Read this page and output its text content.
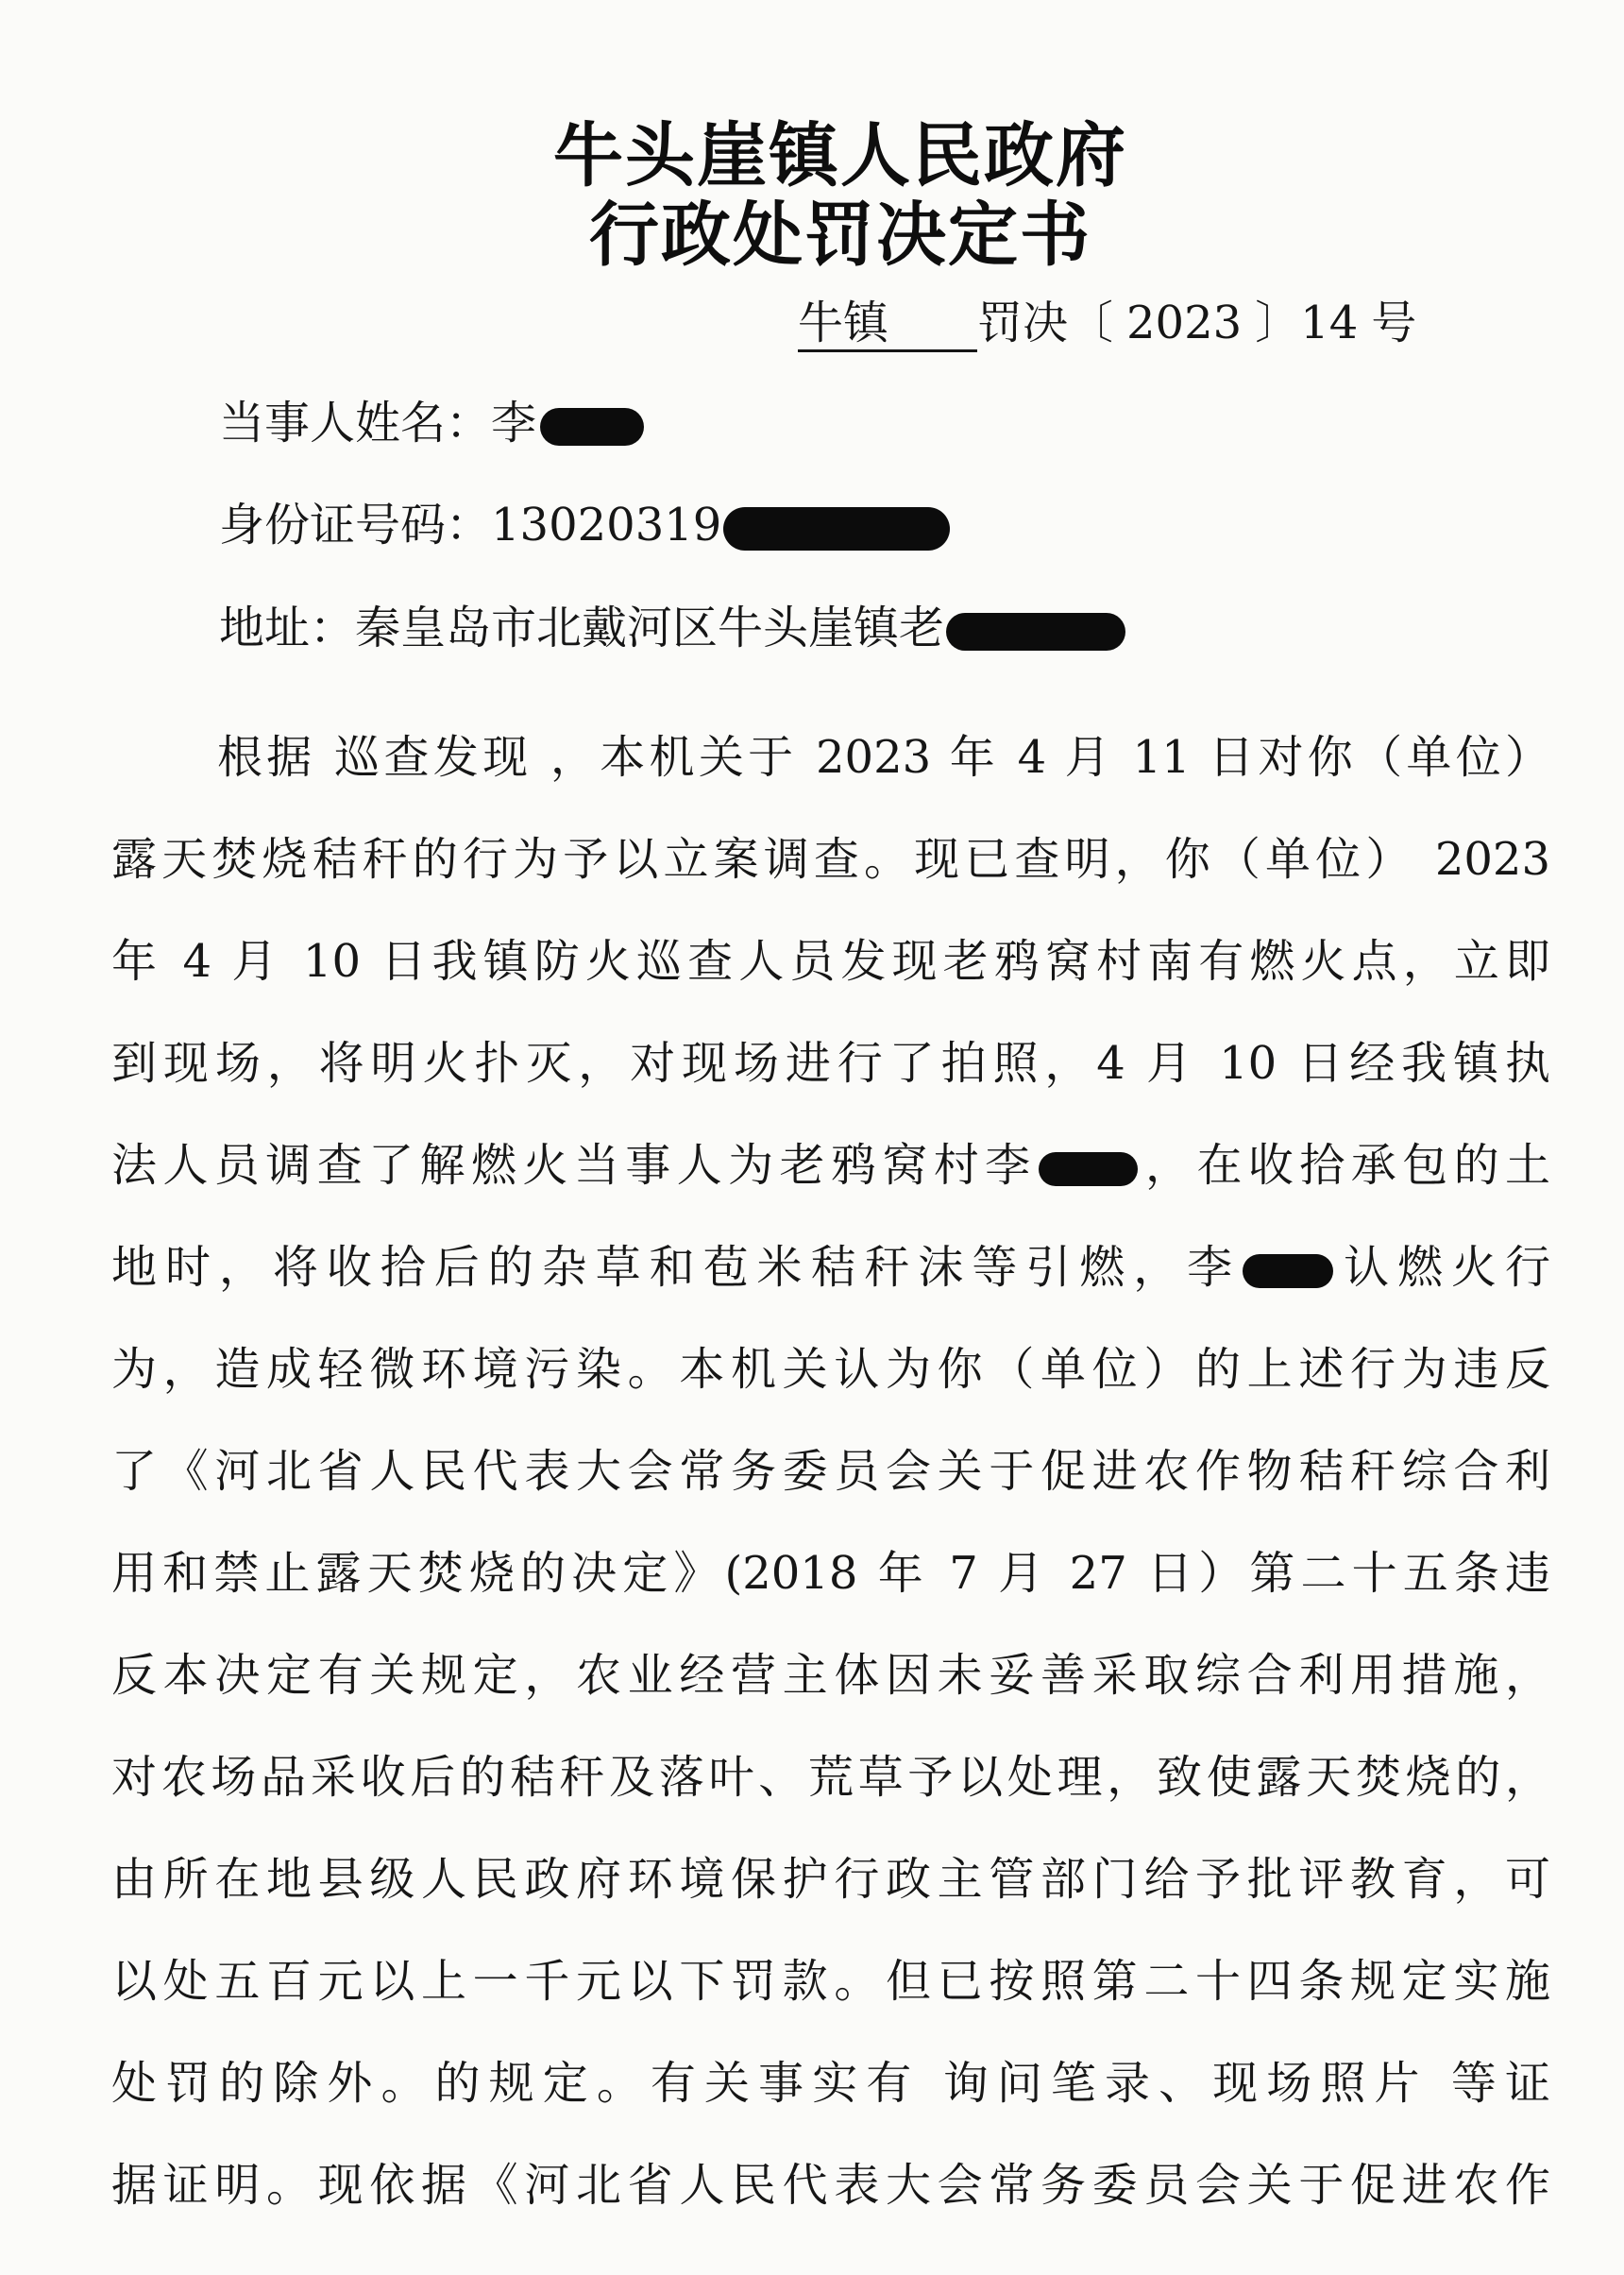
牛头崖镇人民政府
行政处罚决定书
牛镇 罚决〔 2023 〕14 号
当事人姓名：李
身份证号码：13020319
地址：秦皇岛市北戴河区牛头崖镇老
根据 巡查发现 ，本机关于 2023 年 4 月 11 日对你（单位）
露天焚烧秸秆的行为予以立案调查。现已查明，你（单位） 2023
年 4 月 10 日我镇防火巡查人员发现老鸦窝村南有燃火点，立即
到现场，将明火扑灭，对现场进行了拍照，4 月 10 日经我镇执
法人员调查了解燃火当事人为老鸦窝村李 ，在收拾承包的土
地时，将收拾后的杂草和苞米秸秆沫等引燃，李 认燃火行
为，造成轻微环境污染。本机关认为你（单位）的上述行为违反
了《河北省人民代表大会常务委员会关于促进农作物秸秆综合利
用和禁止露天焚烧的决定》(2018 年 7 月 27 日）第二十五条违
反本决定有关规定，农业经营主体因未妥善采取综合利用措施，
对农场品采收后的秸秆及落叶、荒草予以处理，致使露天焚烧的，
由所在地县级人民政府环境保护行政主管部门给予批评教育，可
以处五百元以上一千元以下罚款。但已按照第二十四条规定实施
处罚的除外。的规定。有关事实有 询问笔录、现场照片 等证
据证明。现依据《河北省人民代表大会常务委员会关于促进农作
